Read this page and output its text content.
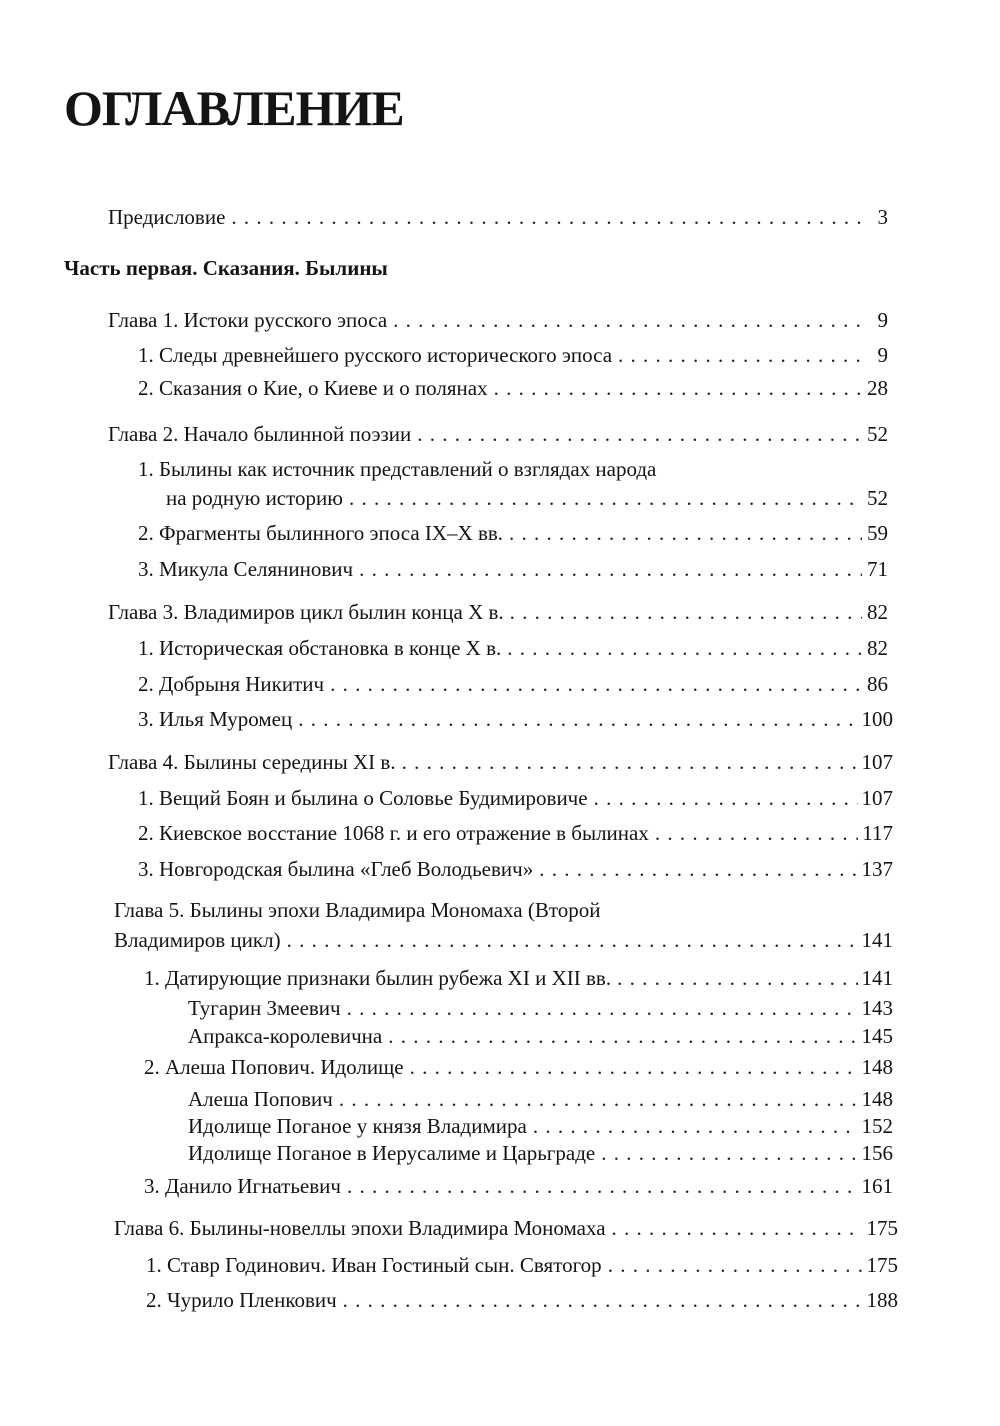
ОГЛАВЛЕНИЕ
Предисловие . . .	3
Часть первая. Сказания. Былины
Глава 1. Истоки русского эпоса . . .	9
1. Следы древнейшего русского исторического эпоса . . .	9
2. Сказания о Кие, о Киеве и о полянах . . .	28
Глава 2. Начало былинной поэзии . . .	52
1. Былины как источник представлений о взглядах народа
на родную историю . . .	52
2. Фрагменты былинного эпоса IX–X вв. . . .	59
3. Микула Селянинович . . .	71
Глава 3. Владимиров цикл былин конца X в. . . .	82
1. Историческая обстановка в конце X в. . . .	82
2. Добрыня Никитич . . .	86
3. Илья Муромец . . .	100
Глава 4. Былины середины XI в. . . .	107
1. Вещий Боян и былина о Соловье Будимировиче . . .	107
2. Киевское восстание 1068 г. и его отражение в былинах . . .	117
3. Новгородская былина «Глеб Володьевич» . . .	137
Глава 5. Былины эпохи Владимира Мономаха (Второй
Владимиров цикл) . . .	141
1. Датирующие признаки былин рубежа XI и XII вв. . . .	141
Тугарин Змеевич . . .	143
Апракса-королевична . . .	145
2. Алеша Попович. Идолище . . .	148
Алеша Попович . . .	148
Идолище Поганое у князя Владимира . . .	152
Идолище Поганое в Иерусалиме и Царьграде . . .	156
3. Данило Игнатьевич . . .	161
Глава 6. Былины-новеллы эпохи Владимира Мономаха . . .	175
1. Ставр Годинович. Иван Гостиный сын. Святогор . . .	175
2. Чурило Пленкович . . .	188
